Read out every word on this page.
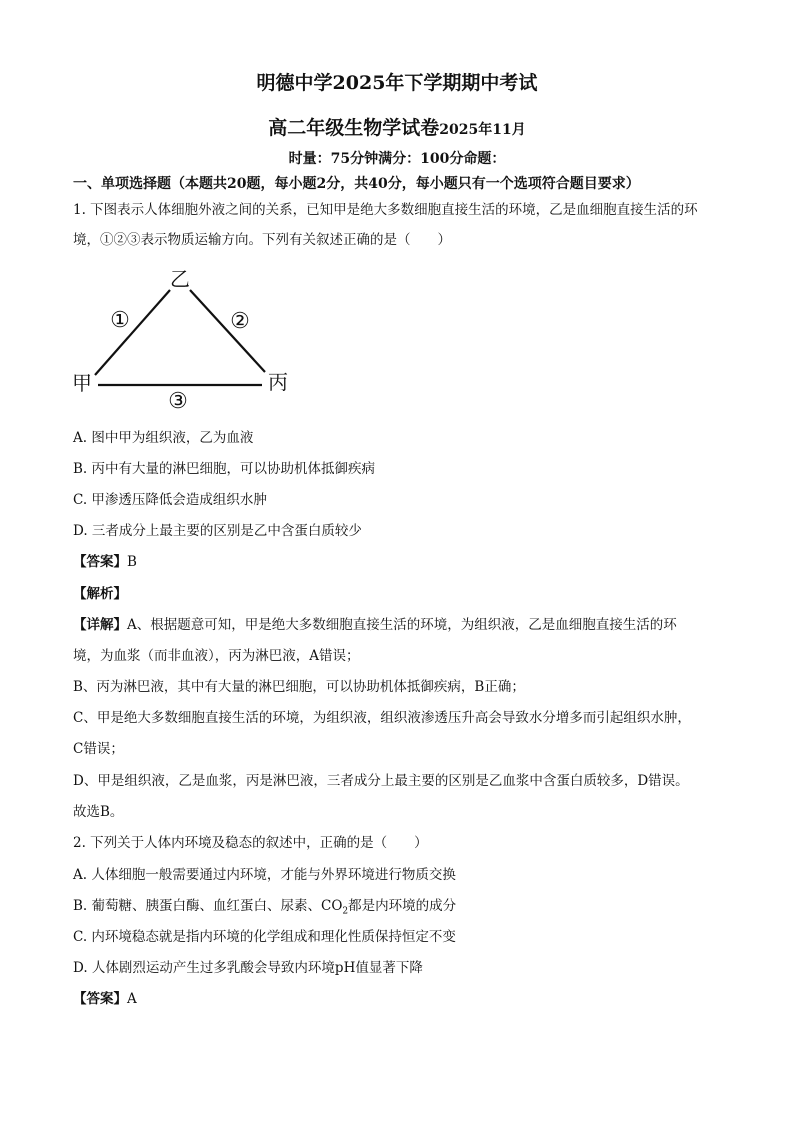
明德中学2025年下学期期中考试
高二年级生物学试卷2025年11月
时量：75分钟满分：100分命题：
一、单项选择题（本题共20题，每小题2分，共40分，每小题只有一个选项符合题目要求）
1. 下图表示人体细胞外液之间的关系，已知甲是绝大多数细胞直接生活的环境，乙是血细胞直接生活的环
境，①②③表示物质运输方向。下列有关叙述正确的是（　　）
乙
甲	丙
①	②
③
A. 图中甲为组织液，乙为血液
B. 丙中有大量的淋巴细胞，可以协助机体抵御疾病
C. 甲渗透压降低会造成组织水肿
D. 三者成分上最主要的区别是乙中含蛋白质较少
【答案】B
【解析】
【详解】A、根据题意可知，甲是绝大多数细胞直接生活的环境，为组织液，乙是血细胞直接生活的环
境，为血浆（而非血液），丙为淋巴液，A错误；
B、丙为淋巴液，其中有大量的淋巴细胞，可以协助机体抵御疾病，B正确；
C、甲是绝大多数细胞直接生活的环境，为组织液，组织液渗透压升高会导致水分增多而引起组织水肿，
C错误；
D、甲是组织液，乙是血浆，丙是淋巴液，三者成分上最主要的区别是乙血浆中含蛋白质较多，D错误。
故选B。
2. 下列关于人体内环境及稳态的叙述中，正确的是（　　）
A. 人体细胞一般需要通过内环境，才能与外界环境进行物质交换
B. 葡萄糖、胰蛋白酶、血红蛋白、尿素、$CO_2$都是内环境的成分
C. 内环境稳态就是指内环境的化学组成和理化性质保持恒定不变
D. 人体剧烈运动产生过多乳酸会导致内环境pH值显著下降
【答案】A
